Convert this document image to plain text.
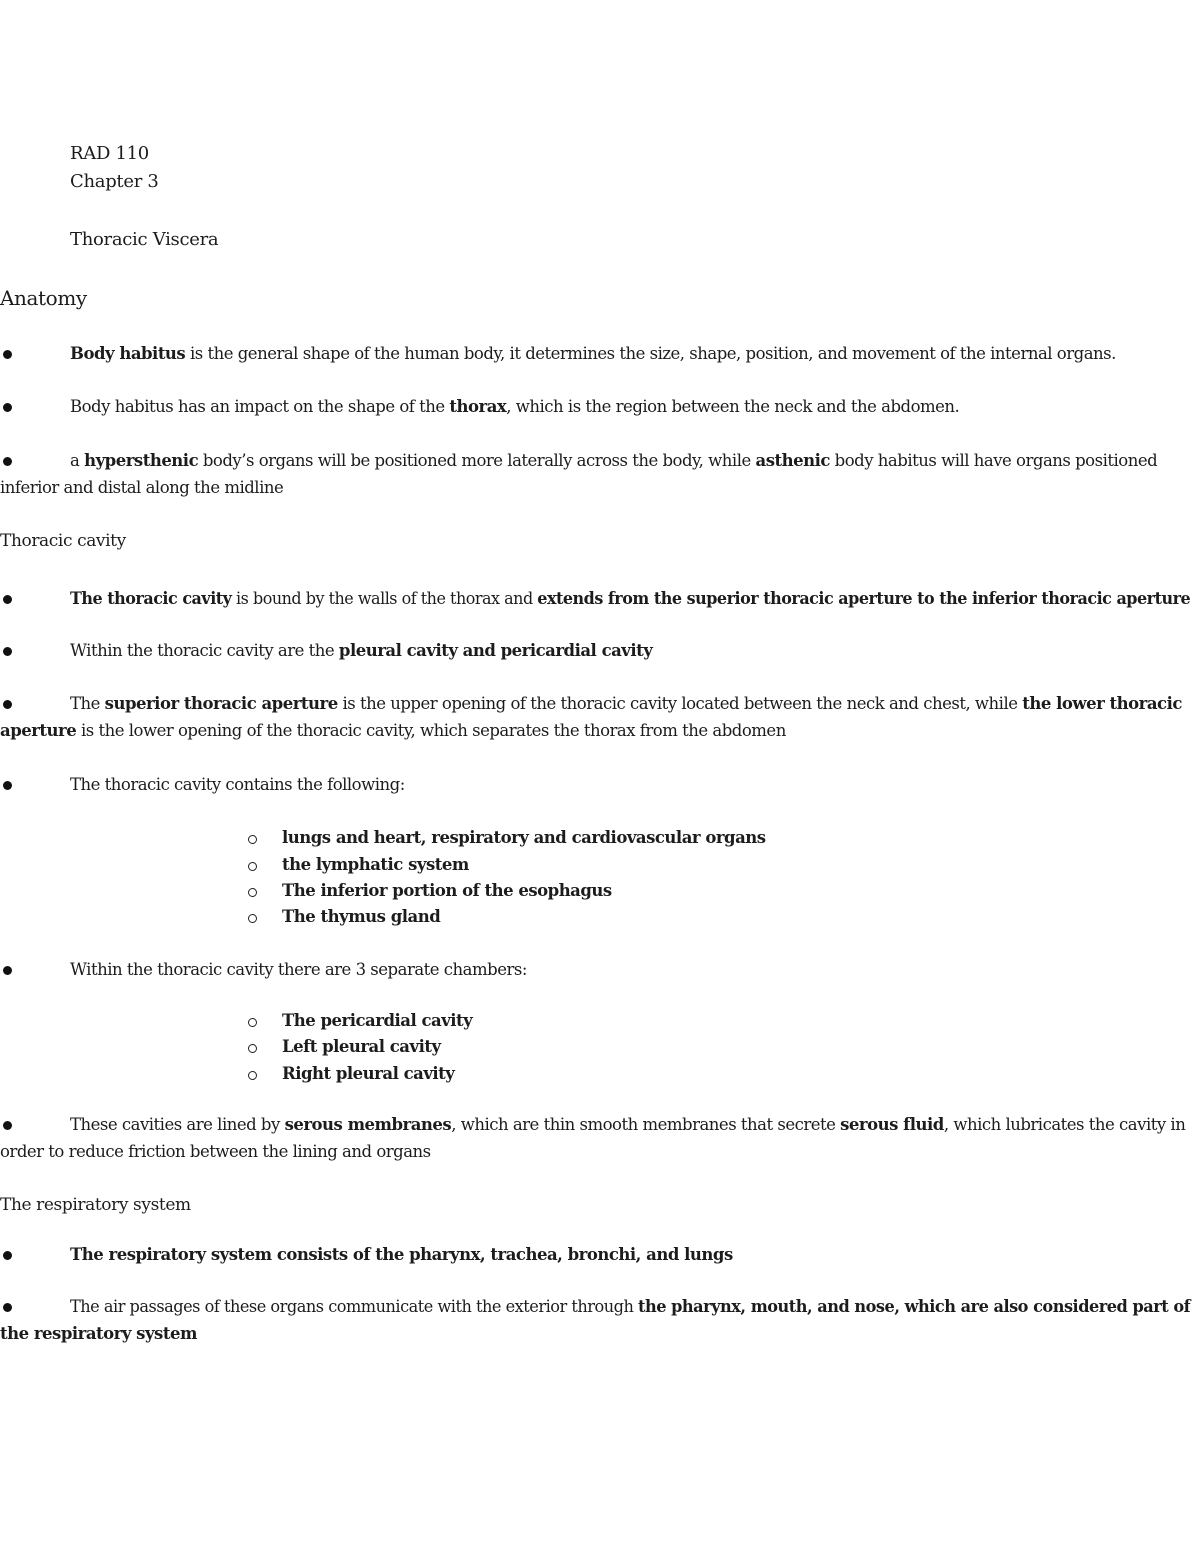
RAD 110
Chapter 3
Thoracic Viscera
Anatomy
Body habitus is the general shape of the human body, it determines the size, shape, position, and movement of the internal organs.
Body habitus has an impact on the shape of the thorax, which is the region between the neck and the abdomen.
a hypersthenic body’s organs will be positioned more laterally across the body, while asthenic body habitus will have organs positioned
inferior and distal along the midline
Thoracic cavity
The thoracic cavity is bound by the walls of the thorax and extends from the superior thoracic aperture to the inferior thoracic aperture
Within the thoracic cavity are the pleural cavity and pericardial cavity
The superior thoracic aperture is the upper opening of the thoracic cavity located between the neck and chest, while the lower thoracic
aperture is the lower opening of the thoracic cavity, which separates the thorax from the abdomen
The thoracic cavity contains the following:
lungs and heart, respiratory and cardiovascular organs
the lymphatic system
The inferior portion of the esophagus
The thymus gland
Within the thoracic cavity there are 3 separate chambers:
The pericardial cavity
Left pleural cavity
Right pleural cavity
These cavities are lined by serous membranes, which are thin smooth membranes that secrete serous fluid, which lubricates the cavity in
order to reduce friction between the lining and organs
The respiratory system
The respiratory system consists of the pharynx, trachea, bronchi, and lungs
The air passages of these organs communicate with the exterior through the pharynx, mouth, and nose, which are also considered part of
the respiratory system
